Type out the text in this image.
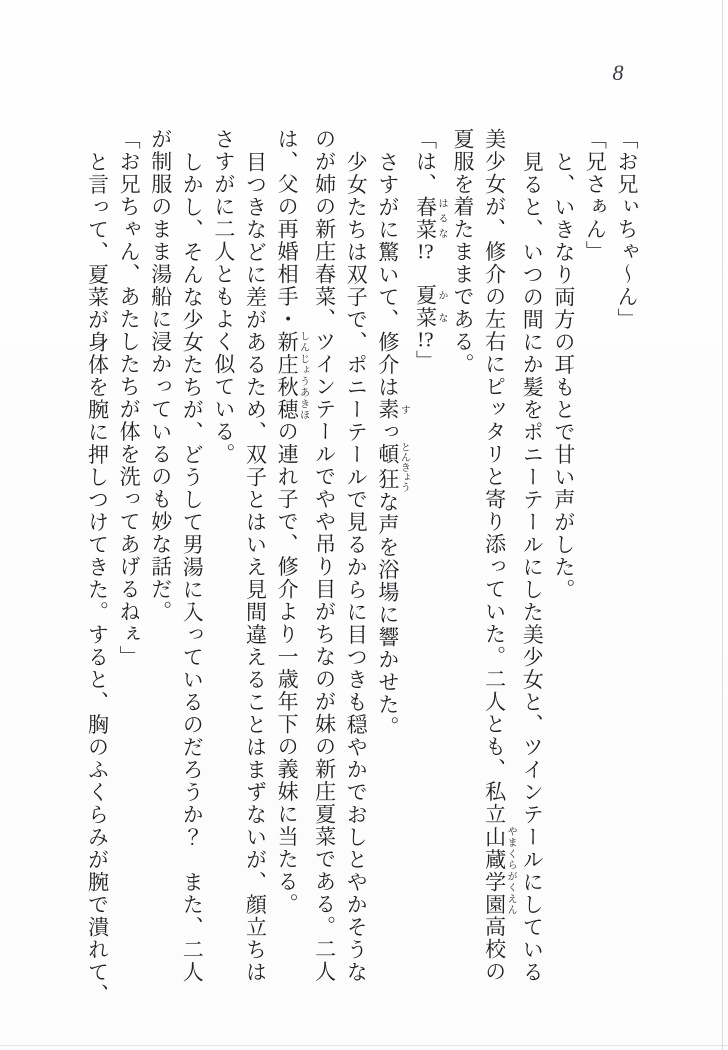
8
「お兄ぃちゃ～ん」
「兄さぁん」
と、いきなり両方の耳もとで甘い声がした。
見ると、いつの間にか髪をポニーテールにした美少女と、ツインテールにしている
美少女が、修介の左右にピッタリと寄り添っていた。二人とも、私立山蔵学園やまくらがくえん高校の
夏服を着たままである。
「は、春菜はるな!?　夏菜かな!?」
さすがに驚いて、修介は素すっ頓狂とんきょうな声を浴場に響かせた。
少女たちは双子で、ポニーテールで見るからに目つきも穏やかでおしとやかそうな
のが姉の新庄春菜、ツインテールでやや吊り目がちなのが妹の新庄夏菜である。二人
は、父の再婚相手・新庄秋穂しんじょうあきほの連れ子で、修介より一歳年下の義妹に当たる。
目つきなどに差があるため、双子とはいえ見間違えることはまずないが、顔立ちは
さすがに二人ともよく似ている。
しかし、そんな少女たちが、どうして男湯に入っているのだろうか？　また、二人
が制服のまま湯船に浸かっているのも妙な話だ。
「お兄ちゃん、あたしたちが体を洗ってあげるねぇ」
と言って、夏菜が身体を腕に押しつけてきた。すると、胸のふくらみが腕で潰れて、
